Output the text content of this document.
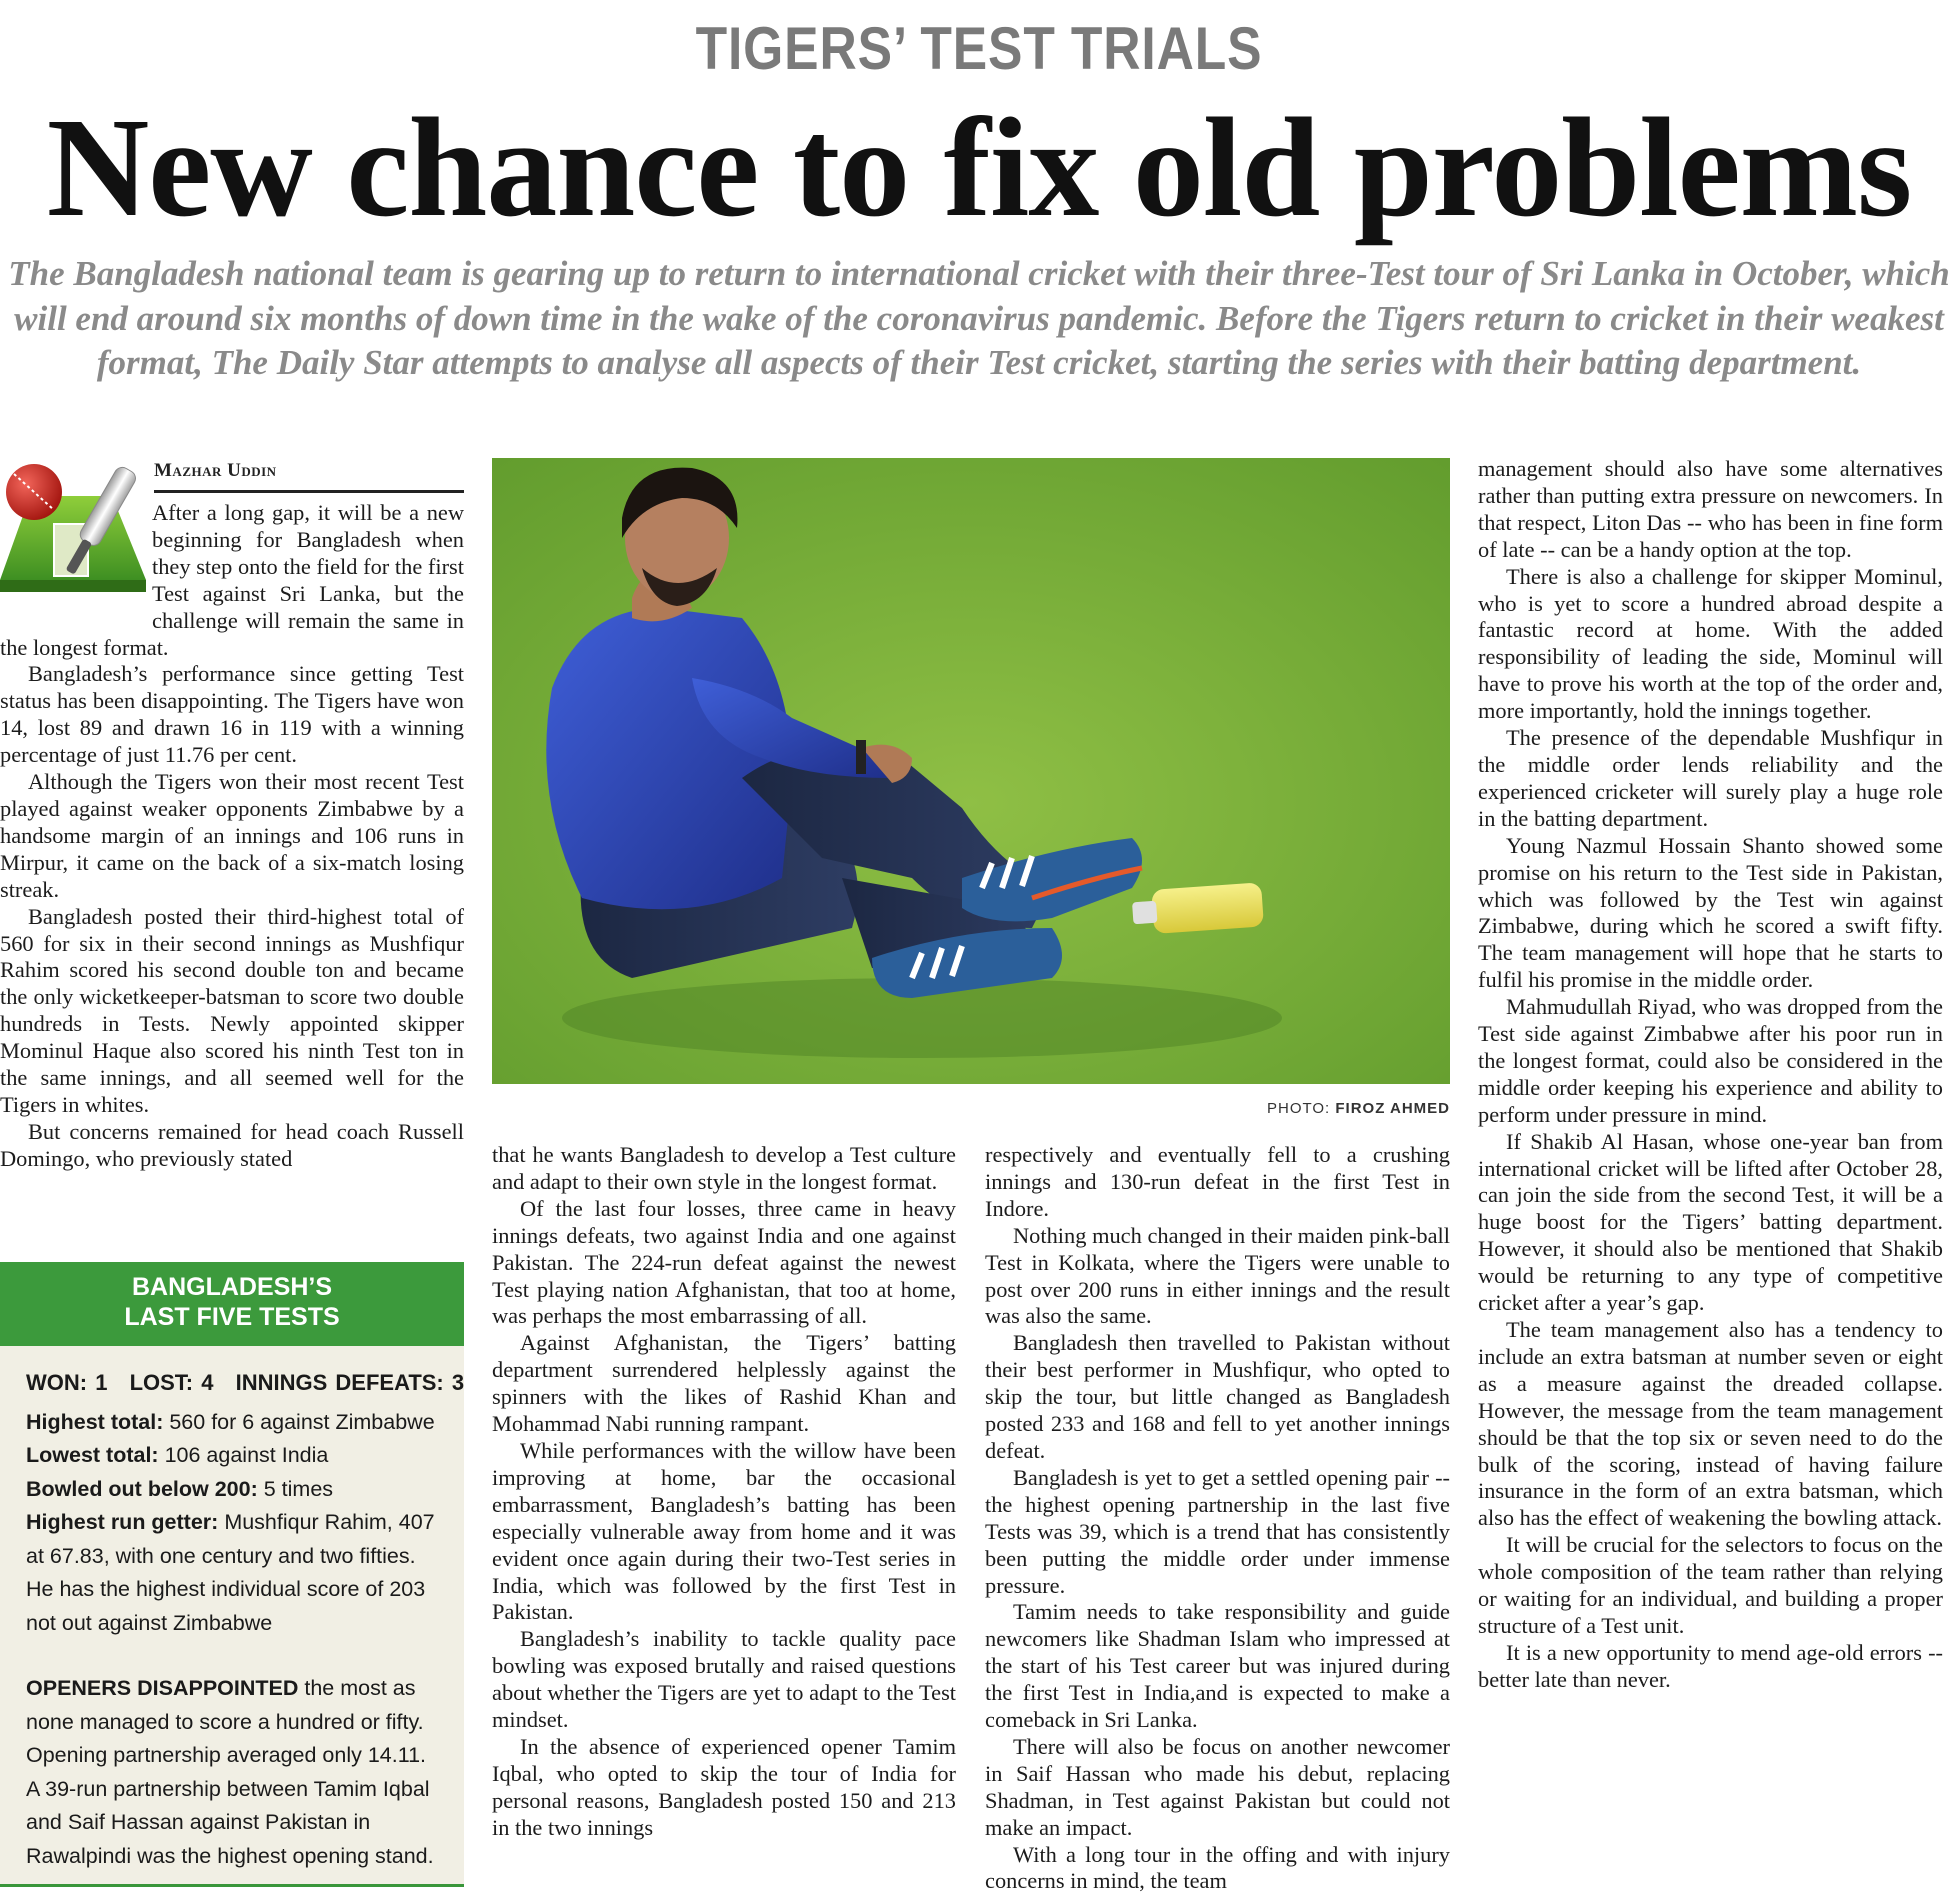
TIGERS’ TEST TRIALS
New chance to fix old problems
The Bangladesh national team is gearing up to return to international cricket with their three-Test tour of Sri Lanka in October, which will end around six months of down time in the wake of the coronavirus pandemic. Before the Tigers return to cricket in their weakest format, The Daily Star attempts to analyse all aspects of their Test cricket, starting the series with their batting department.
Mazhar Uddin

After a long gap, it will be a new beginning for Bangladesh when they step onto the field for the first Test against Sri Lanka, but the challenge will remain the same in the longest format.

Bangladesh’s performance since getting Test status has been disappointing. The Tigers have won 14, lost 89 and drawn 16 in 119 with a winning percentage of just 11.76 per cent.

Although the Tigers won their most recent Test played against weaker opponents Zimbabwe by a handsome margin of an innings and 106 runs in Mirpur, it came on the back of a six-match losing streak.

Bangladesh posted their third-highest total of 560 for six in their second innings as Mushfiqur Rahim scored his second double ton and became the only wicketkeeper-batsman to score two double hundreds in Tests. Newly appointed skipper Mominul Haque also scored his ninth Test ton in the same innings, and all seemed well for the Tigers in whites.

But concerns remained for head coach Russell Domingo, who previously stated

BANGLADESH’S
LAST FIVE TESTS
WON: 1 LOST: 4 INNINGS DEFEATS: 3
Highest total: 560 for 6 against Zimbabwe
Lowest total: 106 against India
Bowled out below 200: 5 times
Highest run getter: Mushfiqur Rahim, 407 at 67.83, with one century and two fifties. He has the highest individual score of 203 not out against Zimbabwe
OPENERS DISAPPOINTED the most as none managed to score a hundred or fifty. Opening partnership averaged only 14.11. A 39-run partnership between Tamim Iqbal and Saif Hassan against Pakistan in Rawalpindi was the highest opening stand.
PHOTO: FIROZ AHMED

that he wants Bangladesh to develop a Test culture and adapt to their own style in the longest format.

Of the last four losses, three came in heavy innings defeats, two against India and one against Pakistan. The 224-run defeat against the newest Test playing nation Afghanistan, that too at home, was perhaps the most embarrassing of all.

Against Afghanistan, the Tigers’ batting department surrendered helplessly against the spinners with the likes of Rashid Khan and Mohammad Nabi running rampant.

While performances with the willow have been improving at home, bar the occasional embarrassment, Bangladesh’s batting has been especially vulnerable away from home and it was evident once again during their two-Test series in India, which was followed by the first Test in Pakistan.

Bangladesh’s inability to tackle quality pace bowling was exposed brutally and raised questions about whether the Tigers are yet to adapt to the Test mindset.

In the absence of experienced opener Tamim Iqbal, who opted to skip the tour of India for personal reasons, Bangladesh posted 150 and 213 in the two innings

respectively and eventually fell to a crushing innings and 130-run defeat in the first Test in Indore.

Nothing much changed in their maiden pink-ball Test in Kolkata, where the Tigers were unable to post over 200 runs in either innings and the result was also the same.

Bangladesh then travelled to Pakistan without their best performer in Mushfiqur, who opted to skip the tour, but little changed as Bangladesh posted 233 and 168 and fell to yet another innings defeat.

Bangladesh is yet to get a settled opening pair -- the highest opening partnership in the last five Tests was 39, which is a trend that has consistently been putting the middle order under immense pressure.

Tamim needs to take responsibility and guide newcomers like Shadman Islam who impressed at the start of his Test career but was injured during the first Test in India,and is expected to make a comeback in Sri Lanka.

There will also be focus on another newcomer in Saif Hassan who made his debut, replacing Shadman, in Test against Pakistan but could not make an impact.

With a long tour in the offing and with injury concerns in mind, the team

management should also have some alternatives rather than putting extra pressure on newcomers. In that respect, Liton Das -- who has been in fine form of late -- can be a handy option at the top.

There is also a challenge for skipper Mominul, who is yet to score a hundred abroad despite a fantastic record at home. With the added responsibility of leading the side, Mominul will have to prove his worth at the top of the order and, more importantly, hold the innings together.

The presence of the dependable Mushfiqur in the middle order lends reliability and the experienced cricketer will surely play a huge role in the batting department.

Young Nazmul Hossain Shanto showed some promise on his return to the Test side in Pakistan, which was followed by the Test win against Zimbabwe, during which he scored a swift fifty. The team management will hope that he starts to fulfil his promise in the middle order.

Mahmudullah Riyad, who was dropped from the Test side against Zimbabwe after his poor run in the longest format, could also be considered in the middle order keeping his experience and ability to perform under pressure in mind.

If Shakib Al Hasan, whose one-year ban from international cricket will be lifted after October 28, can join the side from the second Test, it will be a huge boost for the Tigers’ batting department. However, it should also be mentioned that Shakib would be returning to any type of competitive cricket after a year’s gap.

The team management also has a tendency to include an extra batsman at number seven or eight as a measure against the dreaded collapse. However, the message from the team management should be that the top six or seven need to do the bulk of the scoring, instead of having failure insurance in the form of an extra batsman, which also has the effect of weakening the bowling attack.

It will be crucial for the selectors to focus on the whole composition of the team rather than relying or waiting for an individual, and building a proper structure of a Test unit.

It is a new opportunity to mend age-old errors -- better late than never.
